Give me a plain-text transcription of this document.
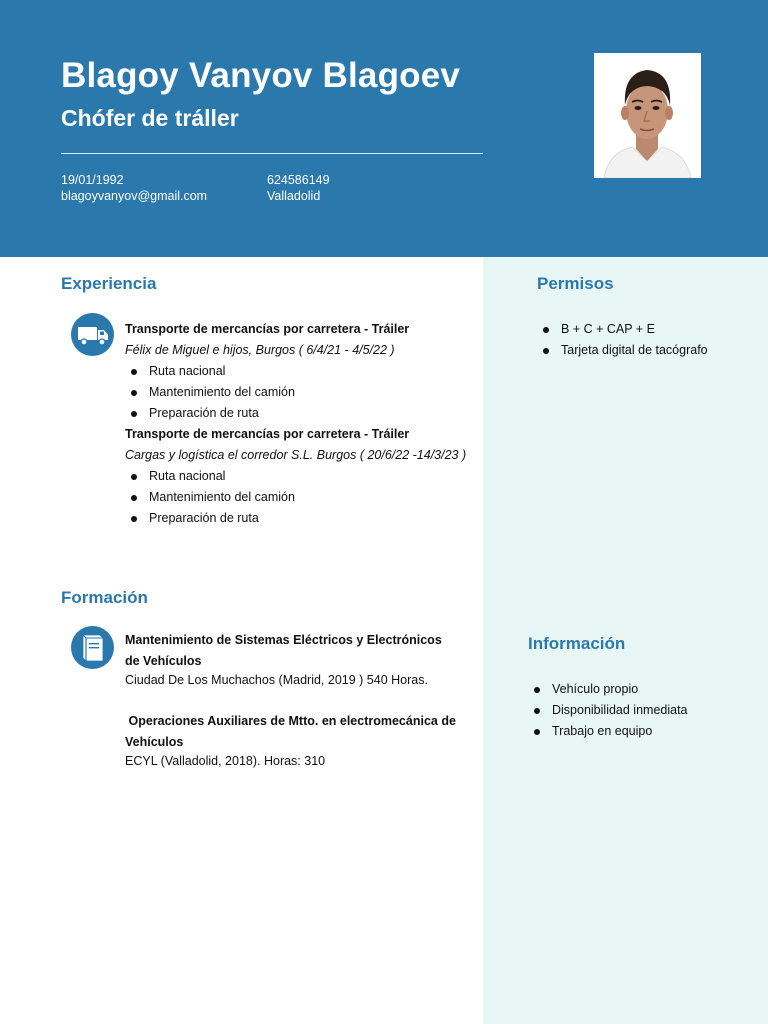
Blagoy Vanyov Blagoev
Chófer de tráller
19/01/1992
blagoyvanyov@gmail.com
624586149
Valladolid
Experiencia
Transporte de mercancías por carretera - Tráiler
Félix de Miguel e hijos, Burgos ( 6/4/21 - 4/5/22 )
Ruta nacional
Mantenimiento del camión
Preparación de ruta
Transporte de mercancías por carretera - Tráiler
Cargas y logística el corredor S.L. Burgos ( 20/6/22 -14/3/23 )
Ruta nacional
Mantenimiento del camión
Preparación de ruta
Formación
Mantenimiento de Sistemas Eléctricos y Electrónicos
de Vehículos
Ciudad De Los Muchachos (Madrid, 2019 ) 540 Horas.
Operaciones Auxiliares de Mtto. en electromecánica de
Vehículos
ECYL (Valladolid, 2018). Horas: 310
Permisos
B + C + CAP + E
Tarjeta digital de tacógrafo
Información
Vehículo propio
Disponibilidad inmediata
Trabajo en equipo
